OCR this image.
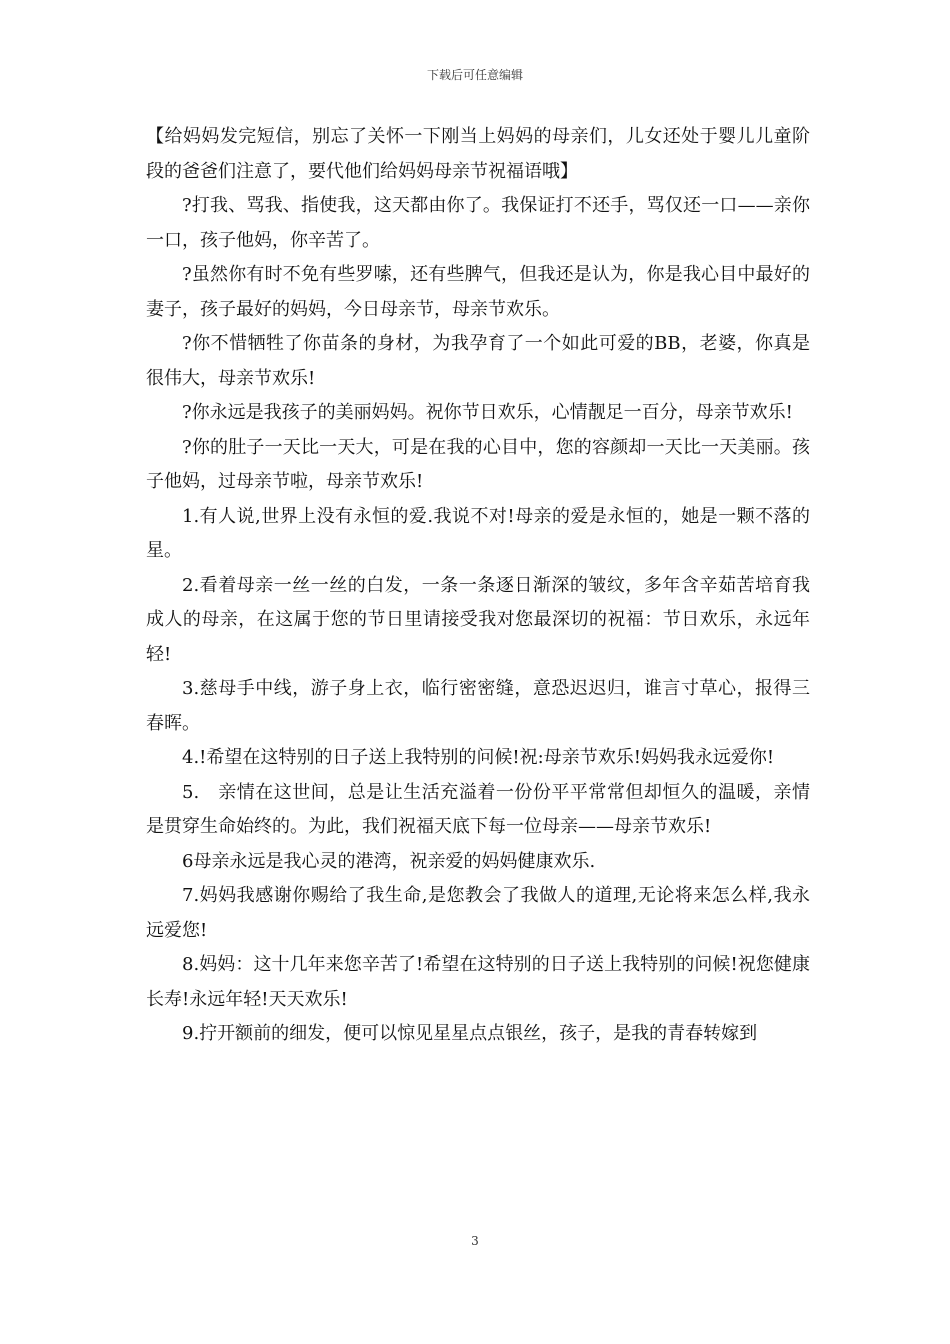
下载后可任意编辑

【给妈妈发完短信，别忘了关怀一下刚当上妈妈的母亲们，儿女还处于婴儿儿童阶段的爸爸们注意了，要代他们给妈妈母亲节祝福语哦】

?打我、骂我、指使我，这天都由你了。我保证打不还手，骂仅还一口——亲你一口，孩子他妈，你辛苦了。

?虽然你有时不免有些罗嗦，还有些脾气，但我还是认为，你是我心目中最好的妻子，孩子最好的妈妈，今日母亲节，母亲节欢乐。

?你不惜牺牲了你苗条的身材，为我孕育了一个如此可爱的BB，老婆，你真是很伟大，母亲节欢乐!

?你永远是我孩子的美丽妈妈。祝你节日欢乐，心情靓足一百分，母亲节欢乐!

?你的肚子一天比一天大，可是在我的心目中，您的容颜却一天比一天美丽。孩子他妈，过母亲节啦，母亲节欢乐!

1.有人说,世界上没有永恒的爱.我说不对!母亲的爱是永恒的，她是一颗不落的星。

2.看着母亲一丝一丝的白发，一条一条逐日渐深的皱纹，多年含辛茹苦培育我成人的母亲，在这属于您的节日里请接受我对您最深切的祝福：节日欢乐，永远年轻!

3.慈母手中线，游子身上衣，临行密密缝，意恐迟迟归，谁言寸草心，报得三春晖。

4.!希望在这特别的日子送上我特别的问候!祝:母亲节欢乐!妈妈我永远爱你!

5.　亲情在这世间，总是让生活充溢着一份份平平常常但却恒久的温暖，亲情是贯穿生命始终的。为此，我们祝福天底下每一位母亲——母亲节欢乐!

6母亲永远是我心灵的港湾，祝亲爱的妈妈健康欢乐.

7.妈妈我感谢你赐给了我生命,是您教会了我做人的道理,无论将来怎么样,我永远爱您!

8.妈妈：这十几年来您辛苦了!希望在这特别的日子送上我特别的问候!祝您健康长寿!永远年轻!天天欢乐!

9.拧开额前的细发，便可以惊见星星点点银丝，孩子，是我的青春转嫁到

3
